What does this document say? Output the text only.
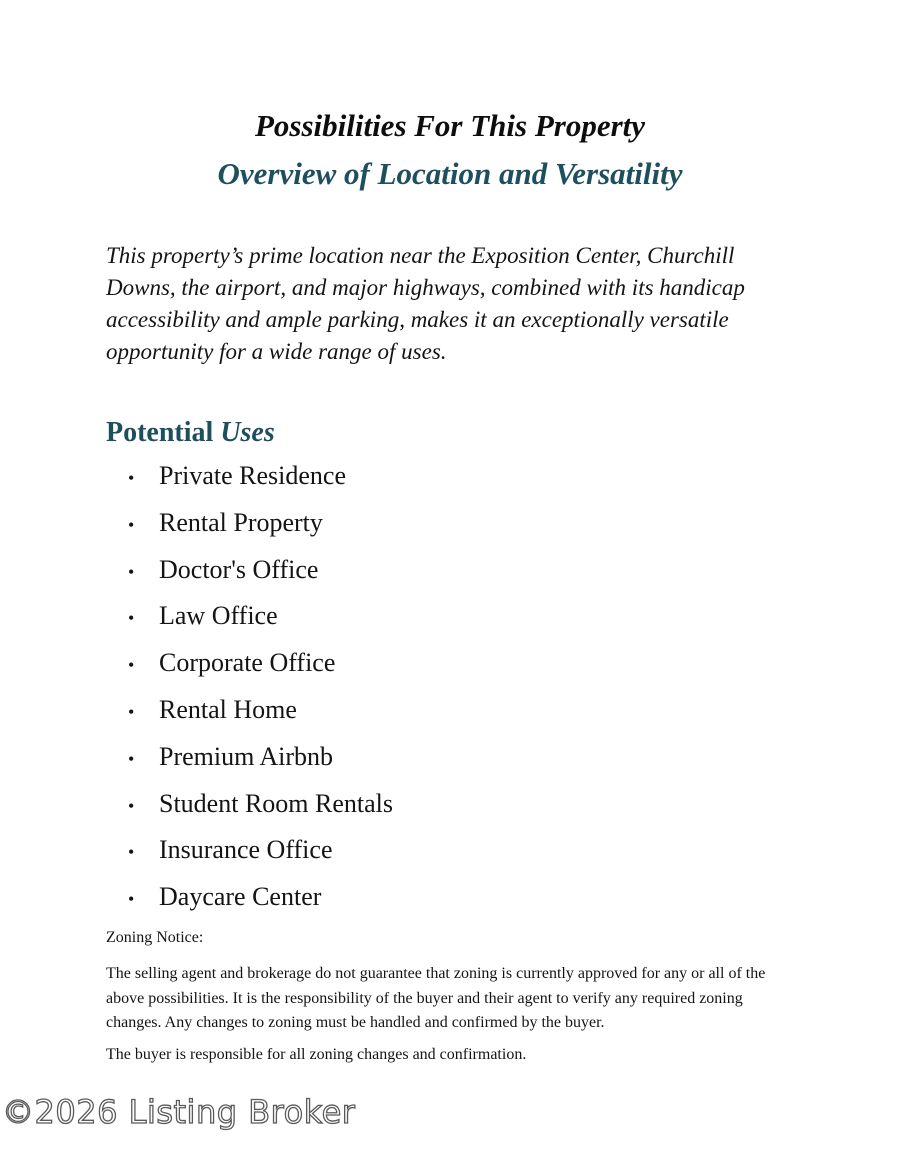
Possibilities For This Property
Overview of Location and Versatility

This property’s prime location near the Exposition Center, Churchill Downs, the airport, and major highways, combined with its handicap accessibility and ample parking, makes it an exceptionally versatile opportunity for a wide range of uses.

Potential Uses
• Private Residence
• Rental Property
• Doctor's Office
• Law Office
• Corporate Office
• Rental Home
• Premium Airbnb
• Student Room Rentals
• Insurance Office
• Daycare Center
Zoning Notice:

The selling agent and brokerage do not guarantee that zoning is currently approved for any or all of the above possibilities. It is the responsibility of the buyer and their agent to verify any required zoning changes. Any changes to zoning must be handled and confirmed by the buyer.

The buyer is responsible for all zoning changes and confirmation.

©2026 Listing Broker
